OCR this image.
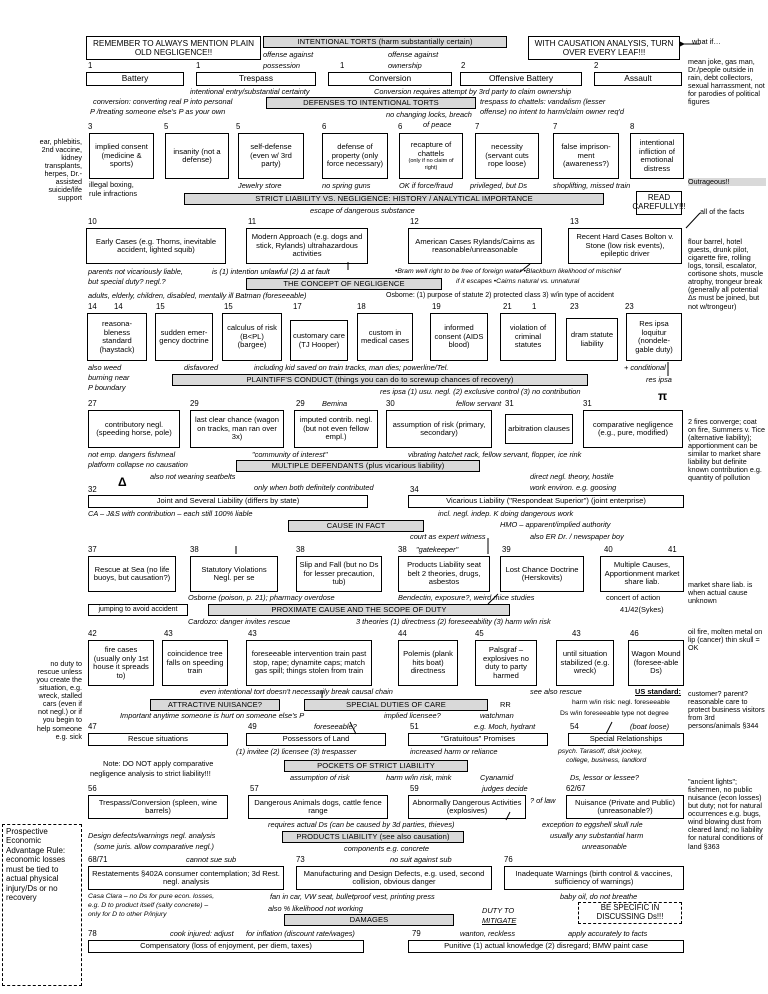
REMEMBER TO ALWAYS MENTION PLAIN OLD NEGLIGENCE!!
INTENTIONAL TORTS (harm substantially certain)	WITH CAUSATION ANALYSIS, TURN OVER EVERY LEAF!!!
what if…
offense against	offense against
possession	ownership
1	1	1	2	2
Battery	Trespass	Conversion	Offensive Battery	Assault
intentional entry/substantial certainty	Conversion requires attempt by 3rd party to claim ownership
conversion: converting real P into personal
P /treating someone else's P as your own
DEFENSES TO INTENTIONAL TORTS	trespass to chattels: vandalism (lesser
offense) no intent to harm/claim owner req'd
no changing locks, breach
of peace
3	5	5	6	6	7	7	8
implied consent (medicine & sports)
insanity (not a defense)
self-defense (even w/ 3rd party)
defense of property (only force necessary)
recapture of chattels
(only if no claim of right)
necessity (servant cuts rope loose)
false imprison-ment (awareness?)
intentional infliction of emotional distress
illegal boxing,
rule infractions
Jewelry store	no spring guns	OK if force/fraud privileged, but Ds	shoplifting, missed train
STRICT LIABILITY VS. NEGLIGENCE: HISTORY / ANALYTICAL IMPORTANCE	READ CAREFULLY!!!
escape of dangerous substance
10	11	12	13
Early Cases (e.g. Thorns, inevitable accident, lighted squib)
Modern Approach (e.g. dogs and stick, Rylands) ultrahazardous activities
American Cases Rylands/Cairns as reasonable/unreasonable
Recent Hard Cases Bolton v. Stone (low risk events), epileptic driver
parents not vicariously liable,
but special duty? negl.?
is (1) intention unlawful (2) Δ at fault	•Bram well right to be free of foreign water •Blackburn likelihood of mischief
if it escapes •Cairns natural vs. unnatural
THE CONCEPT OF NEGLIGENCE
adults, elderly, children, disabled, mentally ill Batman (foreseeable)	Osborne: (1) purpose of statute 2) protected class 3) w/in type of accident
14 14	15	15	17	18	19	21	1	23	23
reasona-bleness standard (haystack)
sudden emer-gency doctrine
calculus of risk (B<PL) (bargee)
customary care (TJ Hooper)
custom in medical cases
informed consent (AIDS blood)
violation of criminal statutes
dram statute liability
Res ipsa loquitur (nondele-gable duty)
also weed
burning near
P boundary
disfavored	including kid saved on train tracks, man dies; powerline/Tel.	+ conditional
res ipsa
PLAINTIFF'S CONDUCT (things you can do to screwup chances of recovery)
res ipsa (1) usu. negl. (2) exclusive control (3) no contribution	π
27	29	29 Bemina	30	fellow servant 31	31
contributory negl. (speeding horse, pole)
last clear chance (wagon on tracks, man ran over 3x)
imputed contrib. negl. (but not even fellow empl.)
assumption of risk (primary, secondary)	arbitration clauses	comparative negligence (e.g., pure, modified)
not emp. dangers fishmeal
platform collapse no causation
"community of interest"	vibrating hatchet rack, fellow servant, flopper, ice rink
MULTIPLE DEFENDANTS (plus vicarious liability)
also not wearing seatbelts	direct negl. theory, hostile
Δ	only when both definitely contributed	work environ. e.g. goosing
32	34
Joint and Several Liability (differs by state)	Vicarious Liability ("Respondeat Superior") (joint enterprise)
CA – J&S with contribution – each still 100% liable	incl. negl. indep. K doing dangerous work
CAUSE IN FACT	HMO – apparent/implied authority
court as expert witness	also ER Dr. / newspaper boy
37	38	38	38 "gatekeeper"	39	40	41
Rescue at Sea (no life buoys, but causation?)
Statutory Violations Negl. per se
Slip and Fall (but no Ds for lesser precaution, tub)
Products Liability seat belt 2 theories, drugs, asbestos
Lost Chance Doctrine (Herskovits)
Multiple Causes, Apportionment market share liab.
Osborne (poison, p. 21); pharmacy overdose	Bendectin, exposure?, weird mice studies	concert of action
jumping to avoid accident	PROXIMATE CAUSE AND THE SCOPE OF DUTY	41/42(Sykes)
Cardozo: danger invites rescue	3 theories (1) directness (2) foreseeability (3) harm w/in risk
42	43	43	44	45	43	46
fire cases (usually only 1st house it spreads to)
coincidence tree falls on speeding train
foreseeable intervention train past stop, rape; dynamite caps; match gas spill; things stolen from train
Polemis (plank hits boat) directness
Palsgraf – explosives no duty to party harmed
until situation stabilized (e.g. wreck)
Wagon Mound (foresee-able Ds)
even intentional tort doesn't necessarily break causal chain	see also rescue	US standard:
ATTRACTIVE NUISANCE?	SPECIAL DUTIES OF CARE	RR	harm w/in risk: negl. foreseeable
Important anytime someone is hurt on someone else's P	implied licensee?	watchman	Ds w/in foreseeable type not degree
47	49	foreseeable?	51	e.g. Moch, hydrant	54	(boat loose)
Rescue situations	Possessors of Land	"Gratuitous" Promises	Special Relationships
(1) invitee (2) licensee (3) trespasser	increased harm or reliance	psych. Tarasoff, disk jockey,
college, business, landlord
Note: DO NOT apply comparative
negligence analysis to strict liability!!!
POCKETS OF STRICT LIABILITY
assumption of risk	harm w/in risk, mink	Cyanamid	Ds, lessor or lessee?
56	57	judges decide
59
? of law
62/67
Trespass/Conversion (spleen, wine barrels)
Dangerous Animals dogs, cattle fence range
Abnormally Dangerous Activities (explosives)
Nuisance (Private and Public) (unreasonable?)
requires actual Ds (can be caused by 3d parties, thieves)	exception to eggshell skull rule
Design defects/warnings negl. analysis	PRODUCTS LIABILITY (see also causation)	usually any substantial harm
(some juris. allow comparative negl.)	components e.g. concrete	unreasonable
68/71	cannot sue sub	73	no suit against sub	76
Restatements §402A consumer contemplation; 3d Rest. negl. analysis
Manufacturing and Design Defects, e.g. used, second collision, obvious danger
Inadequate Warnings (birth control & vaccines, sufficiency of warnings)
Casa Clara – no Ds for pure econ. losses,
e.g. D to product itself (salty concrete) –
only for D to other P/injury
fan in car, VW seat, bulletproof vest, printing press	baby oil, do not breathe
BE SPECIFIC IN DISCUSSING Ds!!!
also % likelihood not working
DAMAGES
DUTY TO
MITIGATE
78	cook injured: adjust for inflation (discount rate/wages)	79	wanton, reckless	apply accurately to facts
Compensatory (loss of enjoyment, per diem, taxes)	Punitive (1) actual knowledge (2) disregard; BMW paint case
ear, phlebitis,
2nd vaccine,
kidney
transplants,
herpes, Dr.-
assisted
suicide/life
support
no duty to
rescue unless
you create the
situation, e.g.
wreck, stalled
cars (even if
not negl.) or if
you begin to
help someone
e.g. sick
Prospective Economic Advantage Rule: economic losses must be tied to actual physical injury/Ds or no recovery
mean joke, gas man, Dr./people outside in rain, debt collectors, sexual harrassment, not for parodies of political figures
Outrageous!!
all of the facts
flour barrel, hotel guests, drunk pilot, cigarette fire, rolling logs, tonsil, escalator, cortisone shots, muscle atrophy, trongeur break (generally all potential Δs must be joined, but not w/trongeur)
2 fires converge; coat on fire, Summers v. Tice (alternative liability); apportionment can be similar to market share liability but definite known contribution e.g. quantity of pollution
market share liab. is when actual cause unknown
oil fire, molten metal on lip (cancer) thin skull = OK
customer? parent? reasonable care to protect business visitors from 3rd persons/animals §344
"ancient lights"; fishermen, no public nuisance (econ losses) but duty; not for natural occurrences e.g. bugs, wind blowing dust from cleared land; no liability for natural conditions of land §363
